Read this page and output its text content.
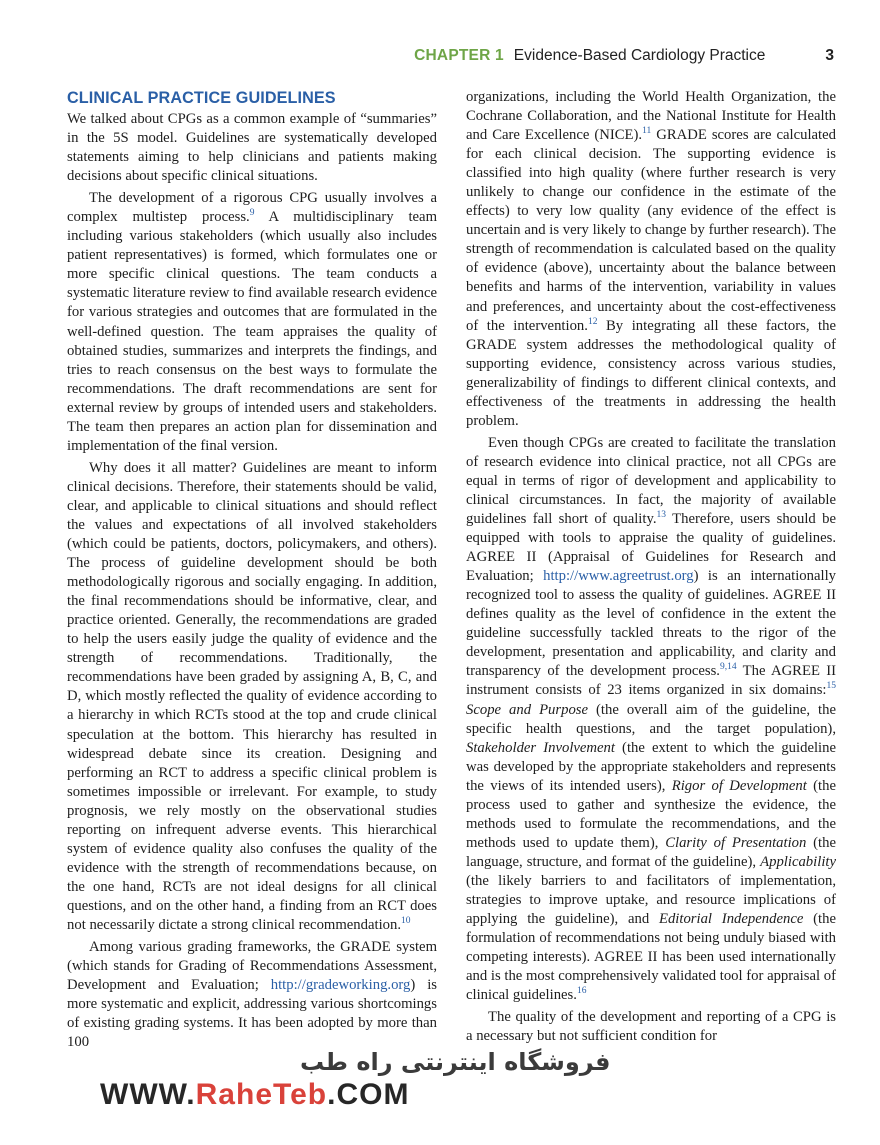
CHAPTER 1 Evidence-Based Cardiology Practice	3
CLINICAL PRACTICE GUIDELINES

We talked about CPGs as a common example of “summaries” in the 5S model. Guidelines are systematically developed statements aiming to help clinicians and patients making decisions about specific clinical situations.

The development of a rigorous CPG usually involves a complex multistep process.$^9$ A multidisciplinary team including various stakeholders (which usually also includes patient representatives) is formed, which formulates one or more specific clinical questions. The team conducts a systematic literature review to find available research evidence for various strategies and outcomes that are formulated in the well-defined question. The team appraises the quality of obtained studies, summarizes and interprets the findings, and tries to reach consensus on the best ways to formulate the recommendations. The draft recommendations are sent for external review by groups of intended users and stakeholders. The team then prepares an action plan for dissemination and implementation of the final version.

Why does it all matter? Guidelines are meant to inform clinical decisions. Therefore, their statements should be valid, clear, and applicable to clinical situations and should reflect the values and expectations of all involved stakeholders (which could be patients, doctors, policymakers, and others). The process of guideline development should be both methodologically rigorous and socially engaging. In addition, the final recommendations should be informative, clear, and practice oriented. Generally, the recommendations are graded to help the users easily judge the quality of evidence and the strength of recommendations. Traditionally, the recommendations have been graded by assigning A, B, C, and D, which mostly reflected the quality of evidence according to a hierarchy in which RCTs stood at the top and crude clinical speculation at the bottom. This hierarchy has resulted in widespread debate since its creation. Designing and performing an RCT to address a specific clinical problem is sometimes impossible or irrelevant. For example, to study prognosis, we rely mostly on the observational studies reporting on infrequent adverse events. This hierarchical system of evidence quality also confuses the quality of the evidence with the strength of recommendations because, on the one hand, RCTs are not ideal designs for all clinical questions, and on the other hand, a finding from an RCT does not necessarily dictate a strong clinical recommendation.$^{10}$

Among various grading frameworks, the GRADE system (which stands for Grading of Recommendations Assessment, Development and Evaluation; http://gradeworking.org) is more systematic and explicit, addressing various shortcomings of existing grading systems. It has been adopted by more than 100

organizations, including the World Health Organization, the Cochrane Collaboration, and the National Institute for Health and Care Excellence (NICE).$^{11}$ GRADE scores are calculated for each clinical decision. The supporting evidence is classified into high quality (where further research is very unlikely to change our confidence in the estimate of the effects) to very low quality (any evidence of the effect is uncertain and is very likely to change by further research). The strength of recommendation is calculated based on the quality of evidence (above), uncertainty about the balance between benefits and harms of the intervention, variability in values and preferences, and uncertainty about the cost-effectiveness of the intervention.$^{12}$ By integrating all these factors, the GRADE system addresses the methodological quality of supporting evidence, consistency across various studies, generalizability of findings to different clinical contexts, and effectiveness of the treatments in addressing the health problem.

Even though CPGs are created to facilitate the translation of research evidence into clinical practice, not all CPGs are equal in terms of rigor of development and applicability to clinical circumstances. In fact, the majority of available guidelines fall short of quality.$^{13}$ Therefore, users should be equipped with tools to appraise the quality of guidelines. AGREE II (Appraisal of Guidelines for Research and Evaluation; http://www.agreetrust.org) is an internationally recognized tool to assess the quality of guidelines. AGREE II defines quality as the level of confidence in the extent the guideline successfully tackled threats to the rigor of the development, presentation and applicability, and clarity and transparency of the development process.$^{9,14}$ The AGREE II instrument consists of 23 items organized in six domains:$^{15}$ Scope and Purpose (the overall aim of the guideline, the specific health questions, and the target population), Stakeholder Involvement (the extent to which the guideline was developed by the appropriate stakeholders and represents the views of its intended users), Rigor of Development (the process used to gather and synthesize the evidence, the methods used to formulate the recommendations, and the methods used to update them), Clarity of Presentation (the language, structure, and format of the guideline), Applicability (the likely barriers to and facilitators of implementation, strategies to improve uptake, and resource implications of applying the guideline), and Editorial Independence (the formulation of recommendations not being unduly biased with competing interests). AGREE II has been used internationally and is the most comprehensively validated tool for appraisal of clinical guidelines.$^{16}$

The quality of the development and reporting of a CPG is a necessary but not sufficient condition for

فروشگاه اینترنتی راه طب
WWW.RaheTeb.COM
